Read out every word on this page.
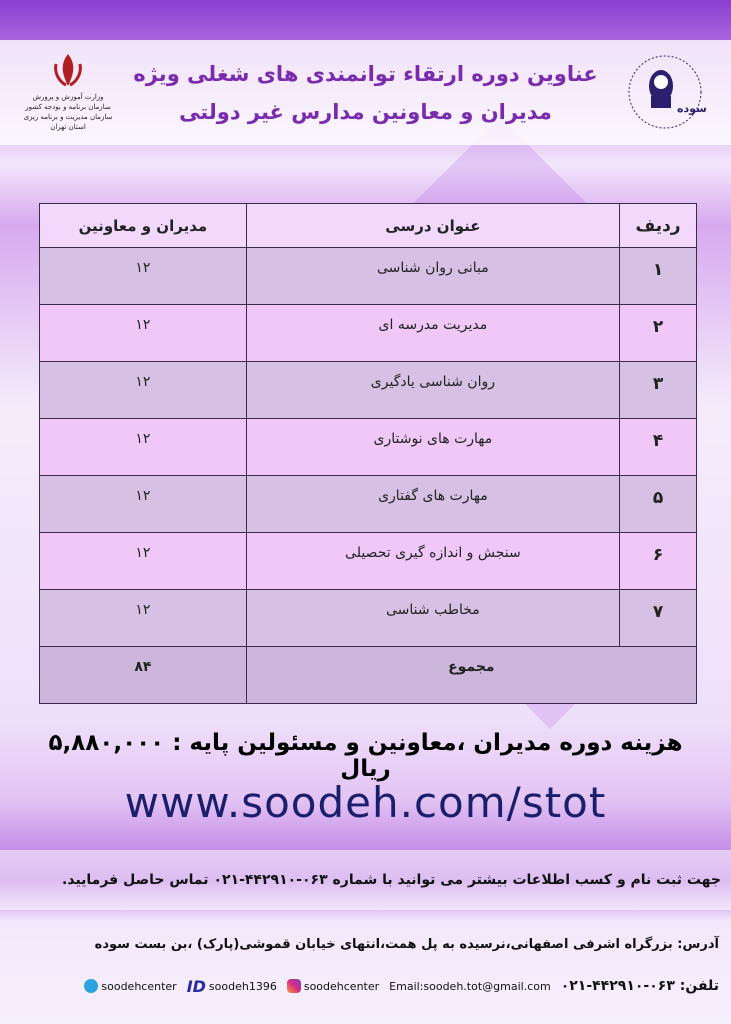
وزارت آموزش و پرورش
سازمان برنامه و بودجه کشور
سازمان مدیریت و برنامه ریزی استان تهران
عناوین دوره ارتقاء توانمندی های شغلی ویژه
مدیران و معاونین مدارس غیر دولتی	سوده
ردیف	عنوان درسی	مدیران و معاونین
۱	مبانی روان شناسی	۱۲
۲	مدیریت مدرسه ای	۱۲
۳	روان شناسی یادگیری	۱۲
۴	مهارت های نوشتاری	۱۲
۵	مهارت های گفتاری	۱۲
۶	سنجش و اندازه گیری تحصیلی	۱۲
۷	مخاطب شناسی	۱۲
مجموع		۸۴
هزینه دوره مدیران ،معاونین و مسئولین پایه : ۵,۸۸۰,۰۰۰ ریال
www.soodeh.com/stot
جهت ثبت نام و کسب اطلاعات بیشتر می توانید با شماره ۰۶۳-۴۴۲۹۱۰-۰۲۱ تماس حاصل فرمایید.
آدرس: بزرگراه اشرفی اصفهانی،نرسیده به پل همت،انتهای خیابان قموشی(پارک) ،بن بست سوده
تلفن: ۰۶۳-۴۴۲۹۱۰-۰۲۱
Email:soodeh.tot@gmail.com
soodehcenter
ID soodeh1396
soodehcenter
